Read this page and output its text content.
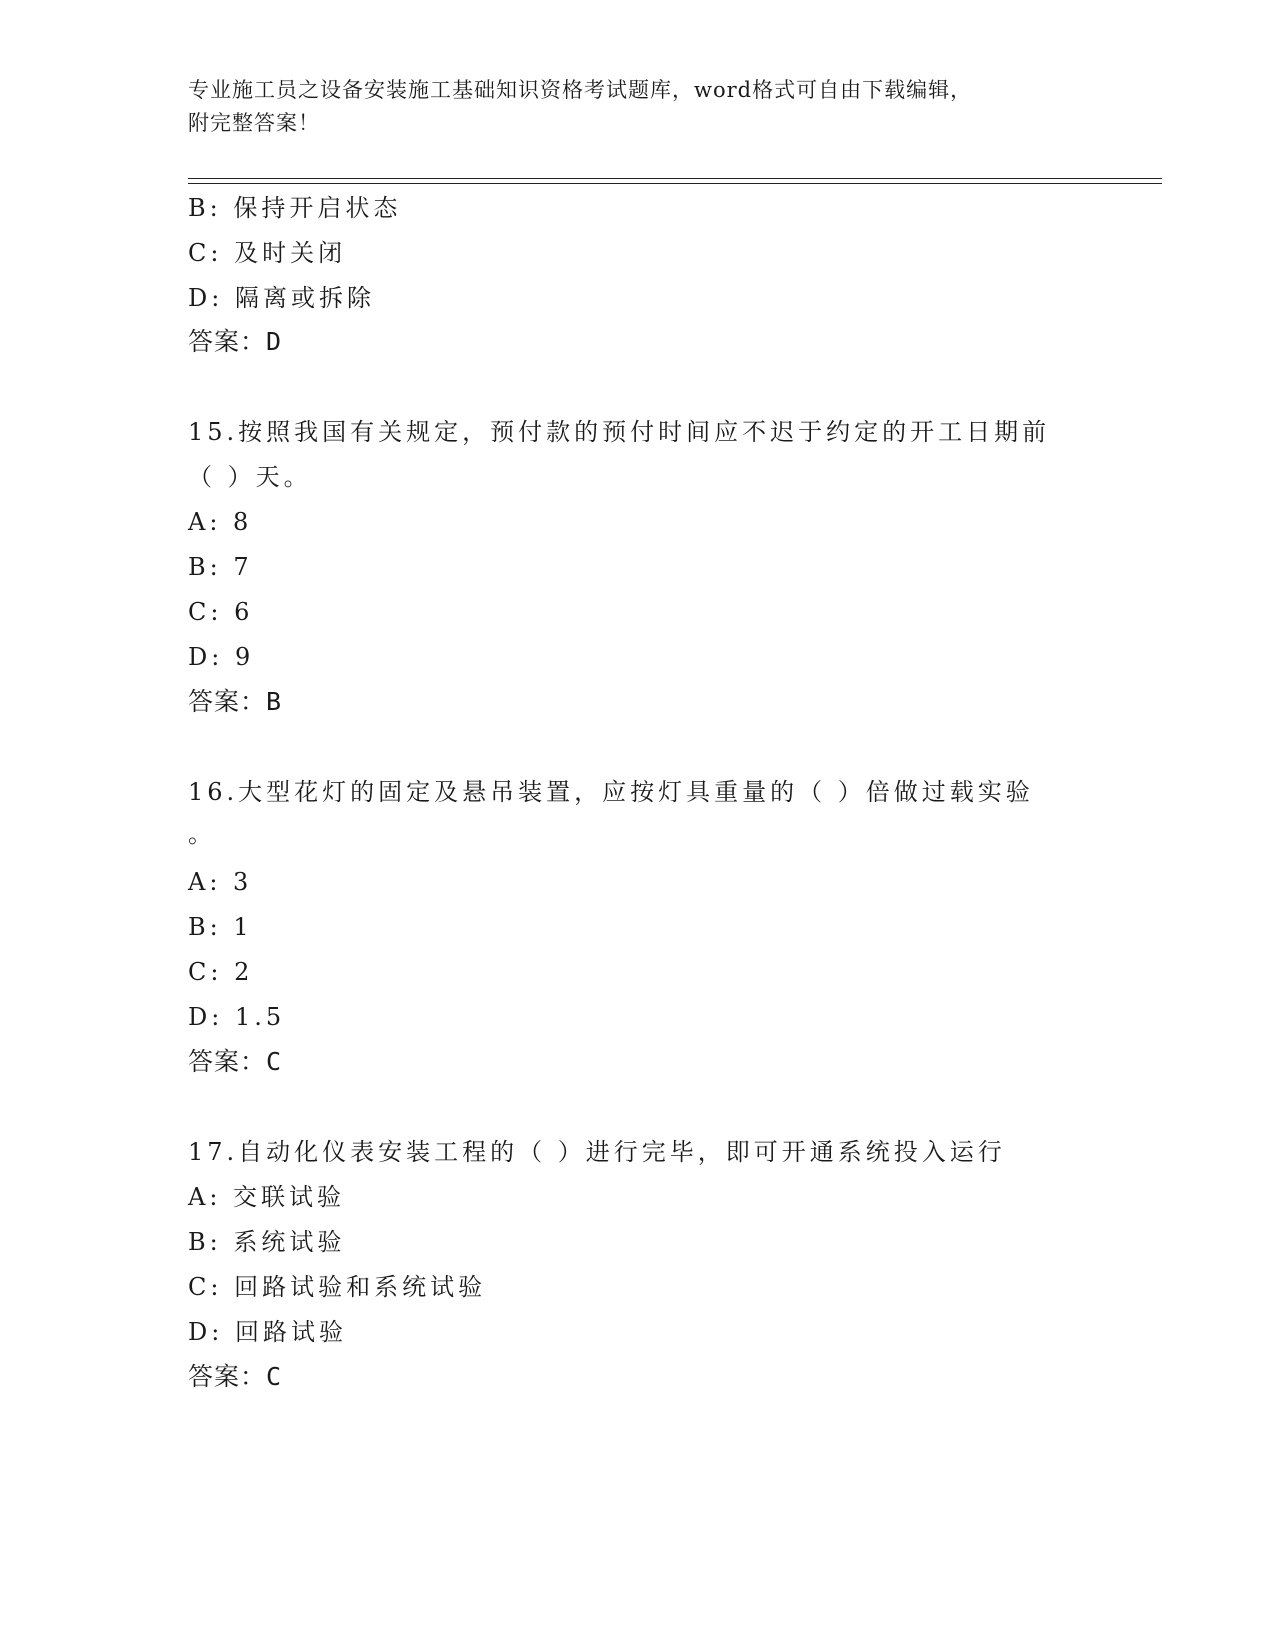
专业施工员之设备安装施工基础知识资格考试题库，word格式可自由下载编辑，
附完整答案！
B: 保持开启状态
C: 及时关闭
D: 隔离或拆除
答案：D
15.按照我国有关规定，预付款的预付时间应不迟于约定的开工日期前
（ ）天。
A: 8
B: 7
C: 6
D: 9
答案：B
16.大型花灯的固定及悬吊装置，应按灯具重量的（ ）倍做过载实验
。
A: 3
B: 1
C: 2
D: 1.5
答案：C
17.自动化仪表安装工程的（ ）进行完毕，即可开通系统投入运行
A: 交联试验
B: 系统试验
C: 回路试验和系统试验
D: 回路试验
答案：C
